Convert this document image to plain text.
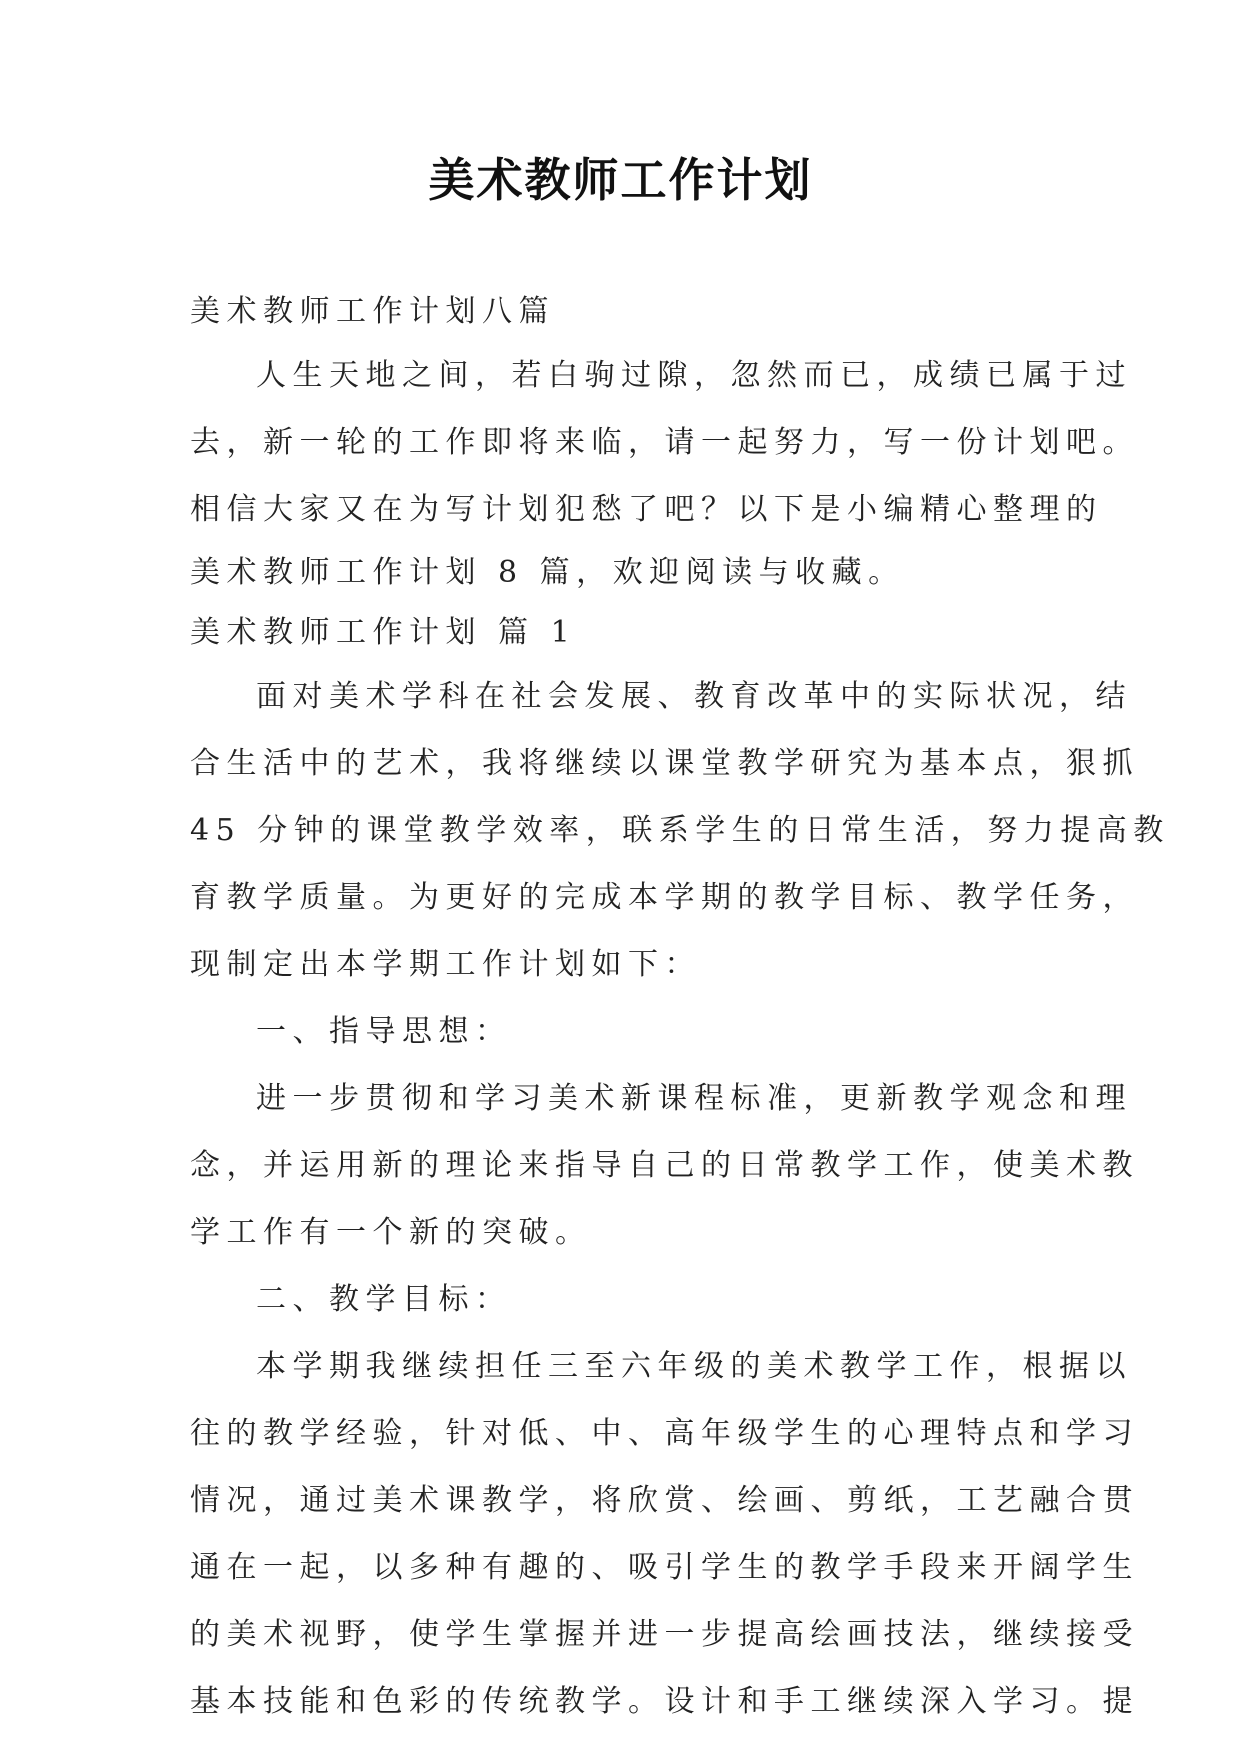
美术教师工作计划
美术教师工作计划八篇
人生天地之间，若白驹过隙，忽然而已，成绩已属于过
去，新一轮的工作即将来临，请一起努力，写一份计划吧。
相信大家又在为写计划犯愁了吧？以下是小编精心整理的
美术教师工作计划 8 篇，欢迎阅读与收藏。
美术教师工作计划 篇 1
面对美术学科在社会发展、教育改革中的实际状况，结
合生活中的艺术，我将继续以课堂教学研究为基本点，狠抓
45 分钟的课堂教学效率，联系学生的日常生活，努力提高教
育教学质量。为更好的完成本学期的教学目标、教学任务，
现制定出本学期工作计划如下：
一、指导思想：
进一步贯彻和学习美术新课程标准，更新教学观念和理
念，并运用新的理论来指导自己的日常教学工作，使美术教
学工作有一个新的突破。
二、教学目标：
本学期我继续担任三至六年级的美术教学工作，根据以
往的教学经验，针对低、中、高年级学生的心理特点和学习
情况，通过美术课教学，将欣赏、绘画、剪纸，工艺融合贯
通在一起，以多种有趣的、吸引学生的教学手段来开阔学生
的美术视野，使学生掌握并进一步提高绘画技法，继续接受
基本技能和色彩的传统教学。设计和手工继续深入学习。提
